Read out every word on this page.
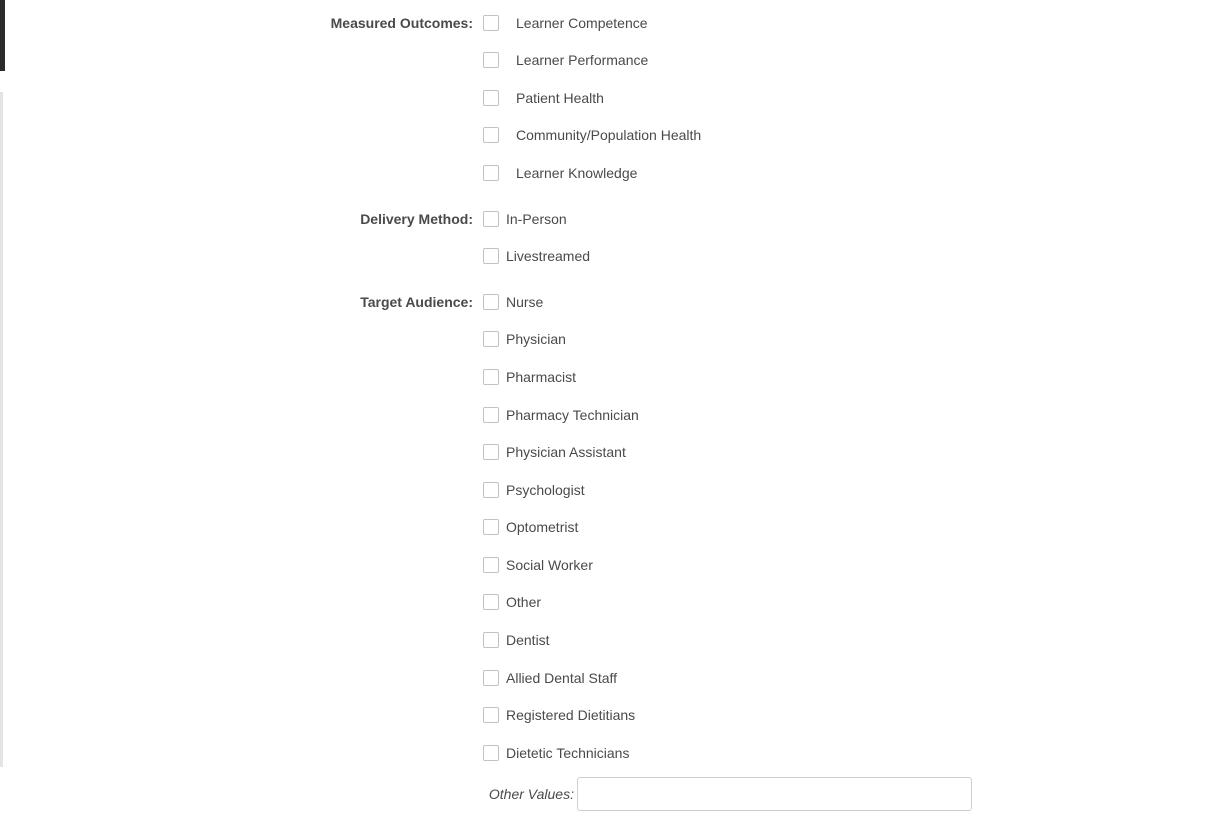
Measured Outcomes:	Learner Competence
Learner Performance
Patient Health
Community/Population Health
Learner Knowledge
Delivery Method: In-Person
Livestreamed
Target Audience: Nurse
Physician
Pharmacist
Pharmacy Technician
Physician Assistant
Psychologist
Optometrist
Social Worker
Other
Dentist
Allied Dental Staff
Registered Dietitians
Dietetic Technicians
Other Values:
